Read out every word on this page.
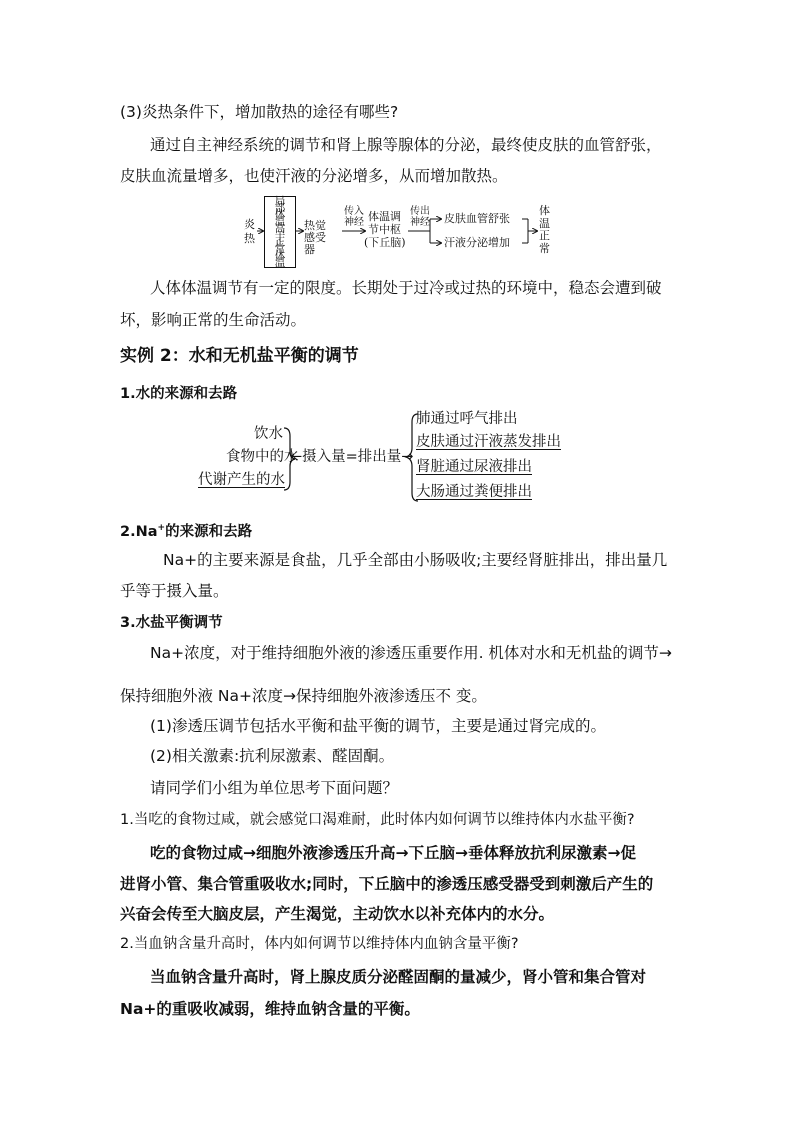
(3)炎热条件下，增加散热的途径有哪些?
通过自主神经系统的调节和肾上腺等腺体的分泌，最终使皮肤的血管舒张，
皮肤血流量增多，也使汗液的分泌增多，从而增加散热。
炎热
局部体温高于正常体温
热觉感受器
传入神经 体温调
节中枢
(下丘脑)
传出神经	皮肤血管舒张
汗液分泌增加
体温正常
人体体温调节有一定的限度。长期处于过冷或过热的环境中，稳态会遭到破
坏，影响正常的生命活动。
实例 2：水和无机盐平衡的调节
1.水的来源和去路
饮水
食物中的水
代谢产生的水
←摄入量=排出量→
肺通过呼气排出
皮肤通过汗液蒸发排出
肾脏通过尿液排出
大肠通过粪便排出
2.Na+的来源和去路
Na+的主要来源是食盐，几乎全部由小肠吸收;主要经肾脏排出，排出量几
乎等于摄入量。
3.水盐平衡调节
Na+浓度，对于维持细胞外液的渗透压重要作用. 机体对水和无机盐的调节→
保持细胞外液 Na+浓度→保持细胞外液渗透压不 变。
(1)渗透压调节包括水平衡和盐平衡的调节，主要是通过肾完成的。
(2)相关激素:抗利尿激素、醛固酮。
请同学们小组为单位思考下面问题？
1.当吃的食物过咸，就会感觉口渴难耐，此时体内如何调节以维持体内水盐平衡?
吃的食物过咸→细胞外液渗透压升高→下丘脑→垂体释放抗利尿激素→促
进肾小管、集合管重吸收水;同时，下丘脑中的渗透压感受器受到刺激后产生的
兴奋会传至大脑皮层，产生渴觉，主动饮水以补充体内的水分。
2.当血钠含量升高时，体内如何调节以维持体内血钠含量平衡?
当血钠含量升高时，肾上腺皮质分泌醛固酮的量减少，肾小管和集合管对
Na+的重吸收减弱，维持血钠含量的平衡。
